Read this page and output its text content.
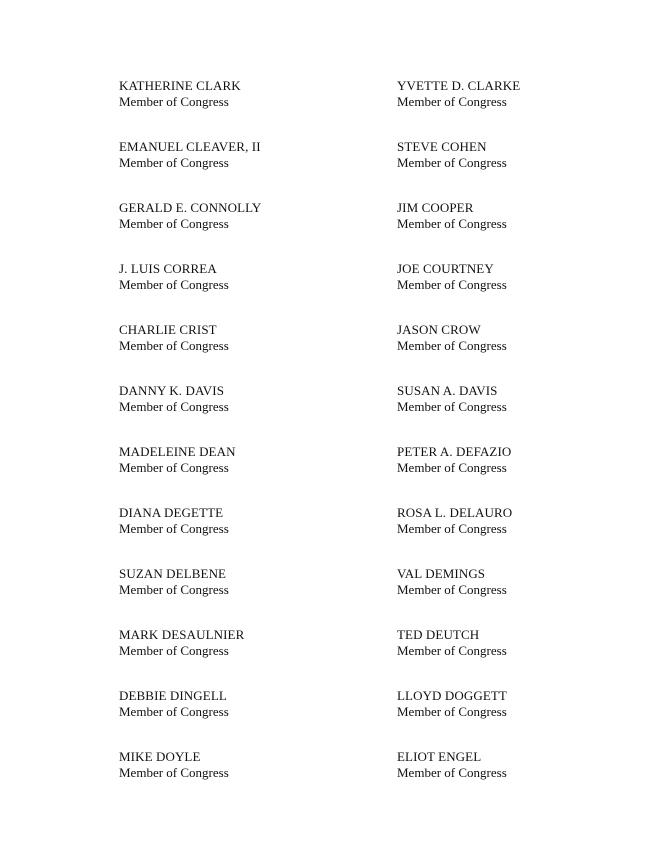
KATHERINE CLARK
Member of Congress
YVETTE D. CLARKE
Member of Congress
EMANUEL CLEAVER, II
Member of Congress
STEVE COHEN
Member of Congress
GERALD E. CONNOLLY
Member of Congress
JIM COOPER
Member of Congress
J. LUIS CORREA
Member of Congress
JOE COURTNEY
Member of Congress
CHARLIE CRIST
Member of Congress
JASON CROW
Member of Congress
DANNY K. DAVIS
Member of Congress
SUSAN A. DAVIS
Member of Congress
MADELEINE DEAN
Member of Congress
PETER A. DEFAZIO
Member of Congress
DIANA DEGETTE
Member of Congress
ROSA L. DELAURO
Member of Congress
SUZAN DELBENE
Member of Congress
VAL DEMINGS
Member of Congress
MARK DESAULNIER
Member of Congress
TED DEUTCH
Member of Congress
DEBBIE DINGELL
Member of Congress
LLOYD DOGGETT
Member of Congress
MIKE DOYLE
Member of Congress
ELIOT ENGEL
Member of Congress
